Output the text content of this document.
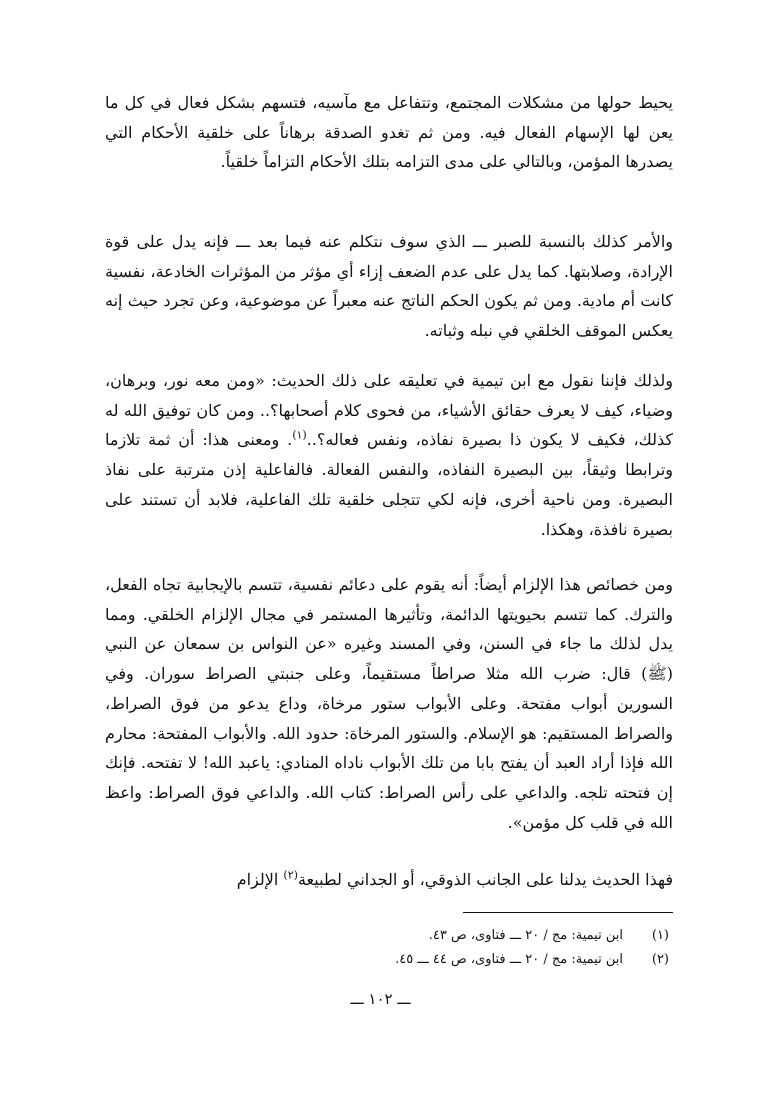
يحيط حولها من مشكلات المجتمع، وتتفاعل مع مآسيه، فتسهم بشكل فعال في كل ما يعن لها الإسهام الفعال فيه. ومن ثم تغدو الصدقة برهاناً على خلقية الأحكام التي يصدرها المؤمن، وبالتالي على مدى التزامه بتلك الأحكام التزاماً خلقياً.

والأمر كذلك بالنسبة للصبر ـــ الذي سوف نتكلم عنه فيما بعد ـــ فإنه يدل على قوة الإرادة، وصلابتها. كما يدل على عدم الضعف إزاء أي مؤثر من المؤثرات الخادعة، نفسية كانت أم مادية. ومن ثم يكون الحكم الناتج عنه معبراً عن موضوعية، وعن تجرد حيث إنه يعكس الموقف الخلقي في نبله وثباته.

ولذلك فإننا نقول مع ابن تيمية في تعليقه على ذلك الحديث: «ومن معه نور، وبرهان، وضياء، كيف لا يعرف حقائق الأشياء، من فحوى كلام أصحابها؟.. ومن كان توفيق الله له كذلك، فكيف لا يكون ذا بصيرة نفاذه، ونفس فعاله؟..$^{(١)}$. ومعنى هذا: أن ثمة تلازما وترابطا وثيقاً، بين البصيرة النفاذه، والنفس الفعالة. فالفاعلية إذن مترتبة على نفاذ البصيرة. ومن ناحية أخرى، فإنه لكي تتجلى خلقية تلك الفاعلية، فلابد أن تستند على بصيرة نافذة، وهكذا.

ومن خصائص هذا الإلزام أيضاً: أنه يقوم على دعائم نفسية، تتسم بالإيجابية تجاه الفعل، والترك. كما تتسم بحيويتها الدائمة، وتأثيرها المستمر في مجال الإلزام الخلقي. ومما يدل لذلك ما جاء في السنن، وفي المسند وغيره «عن النواس بن سمعان عن النبي (ﷺ) قال: ضرب الله مثلا صراطاً مستقيماً، وعلى جنبتي الصراط سوران. وفي السورين أبواب مفتحة. وعلى الأبواب ستور مرخاة، وداع يدعو من فوق الصراط، والصراط المستقيم: هو الإسلام. والستور المرخاة: حدود الله. والأبواب المفتحة: محارم الله فإذا أراد العبد أن يفتح بابا من تلك الأبواب ناداه المنادي: ياعبد الله! لا تفتحه. فإنك إن فتحته تلجه. والداعي على رأس الصراط: كتاب الله. والداعي فوق الصراط: واعظ الله في قلب كل مؤمن».

فهذا الحديث يدلنا على الجانب الذوقي، أو الجداني لطبيعة$^{(٢)}$ الإلزام

(١)
ابن تيمية: مج / ٢٠ ـــ فتاوى، ص ٤٣.
(٢)
ابن تيمية: مج / ٢٠ ـــ فتاوى، ص ٤٤ ـــ ٤٥.
ـــ ١٠٢ ـــ
